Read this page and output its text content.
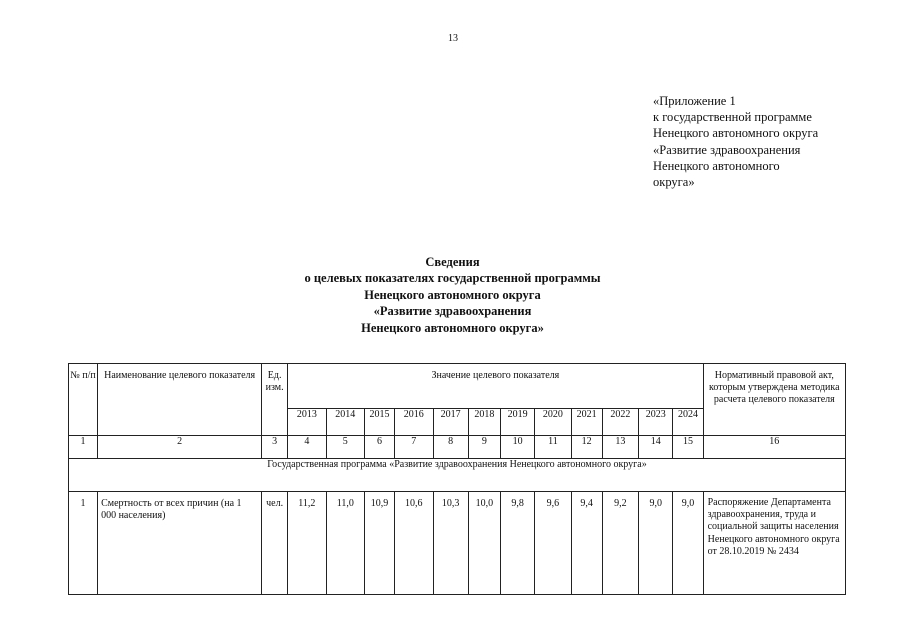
13
«Приложение 1
к государственной программе
Ненецкого автономного округа
«Развитие здравоохранения
Ненецкого автономного
округа»
Сведения
о целевых показателях государственной программы
Ненецкого автономного округа
«Развитие здравоохранения
Ненецкого автономного округа»
№ п/п	Наименование целевого показателя	Ед. изм.	Значение целевого показателя												Нормативный правовой акт, которым утверждена методика расчета целевого показателя
			2013	2014	2015	2016	2017	2018	2019	2020	2021	2022	2023	2024	
1	2	3	4	5	6	7	8	9	10	11	12	13	14	15	16
Государственная программа «Развитие здравоохранения Ненецкого автономного округа»															
1	Смертность от всех причин (на 1 000 населения)	чел.	11,2	11,0	10,9	10,6	10,3	10,0	9,8	9,6	9,4	9,2	9,0	9,0	Распоряжение Департамента здравоохранения, труда и социальной защиты населения Ненецкого автономного округа от 28.10.2019 № 2434
